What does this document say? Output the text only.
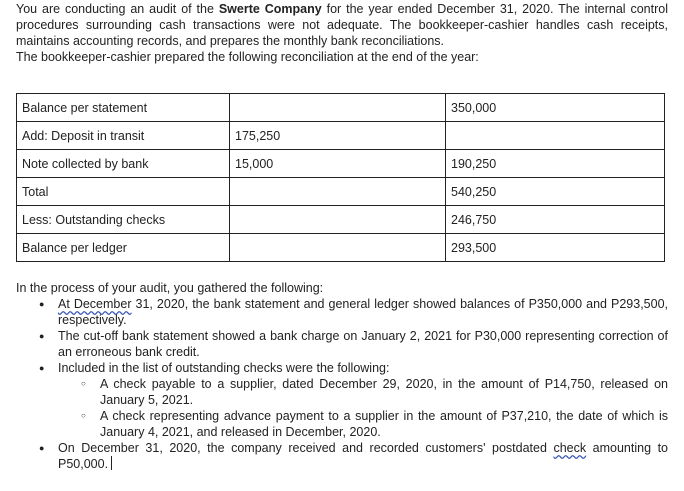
You are conducting an audit of the Swerte Company for the year ended December 31, 2020. The internal control procedures surrounding cash transactions were not adequate. The bookkeeper-cashier handles cash receipts, maintains accounting records, and prepares the monthly bank reconciliations.

The bookkeeper-cashier prepared the following reconciliation at the end of the year:

Balance per statement		350,000
Add: Deposit in transit	175,250	
Note collected by bank	15,000	190,250
Total		540,250
Less: Outstanding checks		246,750
Balance per ledger		293,500

In the process of your audit, you gathered the following:

● At December 31, 2020, the bank statement and general ledger showed balances of P350,000 and P293,500, respectively.
● The cut-off bank statement showed a bank charge on January 2, 2021 for P30,000 representing correction of an erroneous bank credit.
● Included in the list of outstanding checks were the following:
○ A check payable to a supplier, dated December 29, 2020, in the amount of P14,750, released on January 5, 2021.
○ A check representing advance payment to a supplier in the amount of P37,210, the date of which is January 4, 2021, and released in December, 2020.
● On December 31, 2020, the company received and recorded customers' postdated check amounting to P50,000.
